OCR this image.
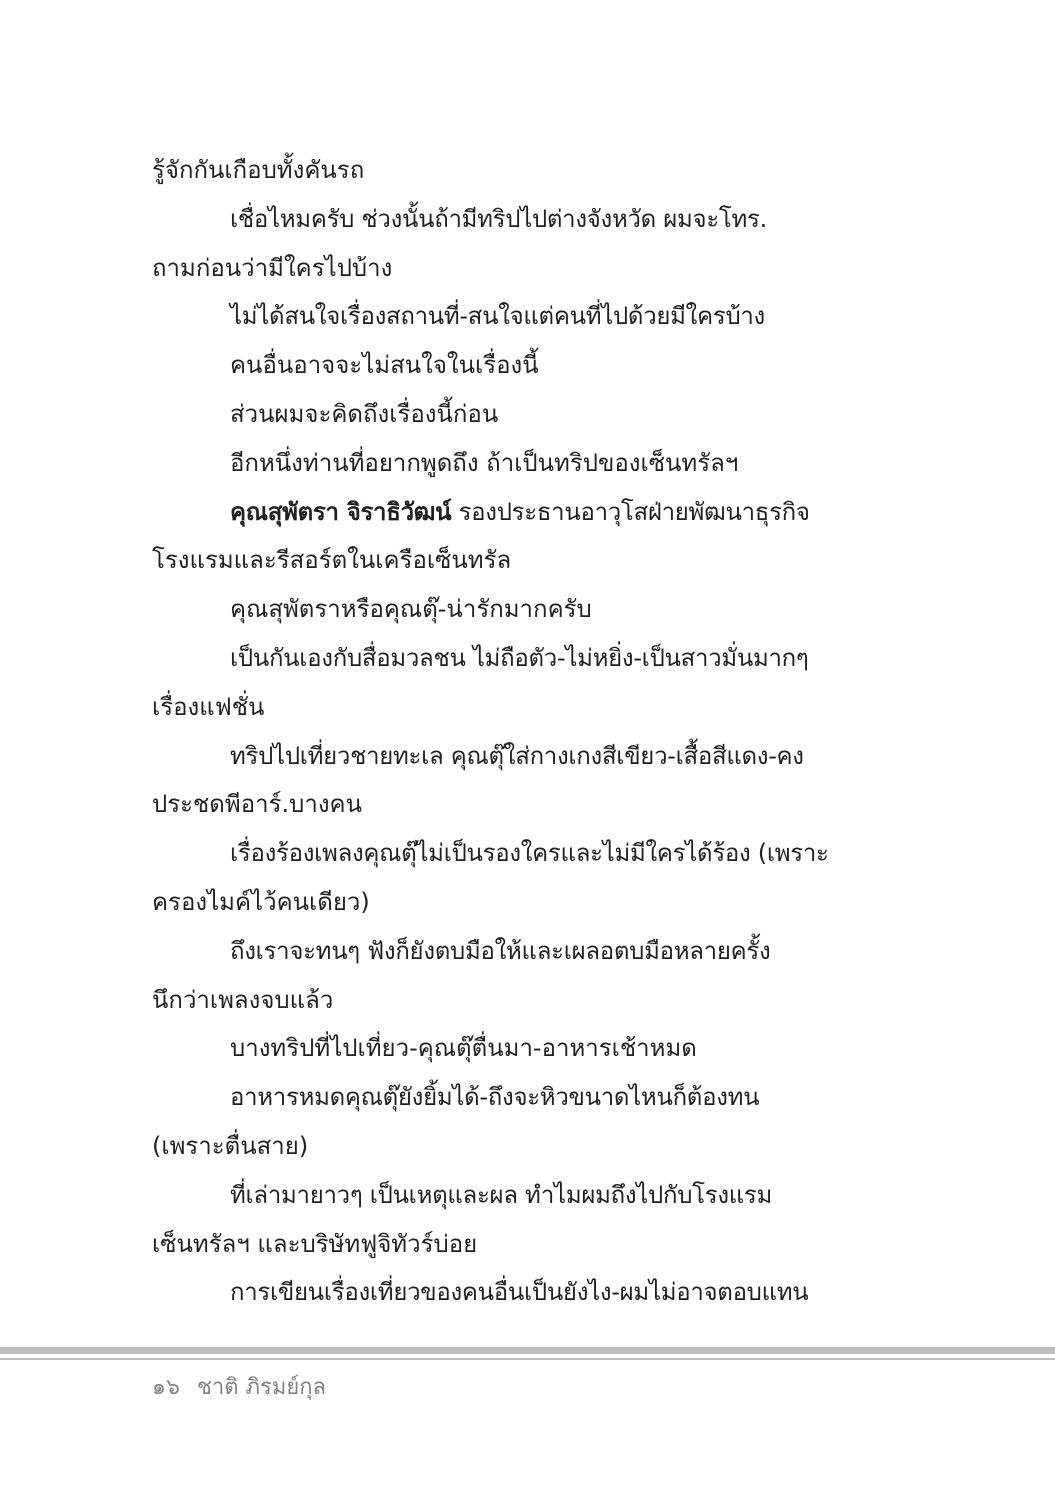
รู้จักกันเกือบทั้งคันรถ
เชื่อไหมครับ ช่วงนั้นถ้ามีทริปไปต่างจังหวัด ผมจะโทร.
ถามก่อนว่ามีใครไปบ้าง
ไม่ได้สนใจเรื่องสถานที่-สนใจแต่คนที่ไปด้วยมีใครบ้าง
คนอื่นอาจจะไม่สนใจในเรื่องนี้
ส่วนผมจะคิดถึงเรื่องนี้ก่อน
อีกหนึ่งท่านที่อยากพูดถึง ถ้าเป็นทริปของเซ็นทรัลฯ
คุณสุพัตรา จิราธิวัฒน์ รองประธานอาวุโสฝ่ายพัฒนาธุรกิจ
โรงแรมและรีสอร์ตในเครือเซ็นทรัล
คุณสุพัตราหรือคุณตุ๊-น่ารักมากครับ
เป็นกันเองกับสื่อมวลชน ไม่ถือตัว-ไม่หยิ่ง-เป็นสาวมั่นมากๆ
เรื่องแฟชั่น
ทริปไปเที่ยวชายทะเล คุณตุ๊ใส่กางเกงสีเขียว-เสื้อสีแดง-คง
ประชดพีอาร์.บางคน
เรื่องร้องเพลงคุณตุ๊ไม่เป็นรองใครและไม่มีใครได้ร้อง (เพราะ
ครองไมค์ไว้คนเดียว)
ถึงเราจะทนๆ ฟังก็ยังตบมือให้และเผลอตบมือหลายครั้ง
นึกว่าเพลงจบแล้ว
บางทริปที่ไปเที่ยว-คุณตุ๊ตื่นมา-อาหารเช้าหมด
อาหารหมดคุณตุ๊ยังยิ้มได้-ถึงจะหิวขนาดไหนก็ต้องทน
(เพราะตื่นสาย)
ที่เล่ามายาวๆ เป็นเหตุและผล ทำไมผมถึงไปกับโรงแรม
เซ็นทรัลฯ และบริษัทฟูจิทัวร์บ่อย
การเขียนเรื่องเที่ยวของคนอื่นเป็นยังไง-ผมไม่อาจตอบแทน
๑๖ ชาติ ภิรมย์กุล
